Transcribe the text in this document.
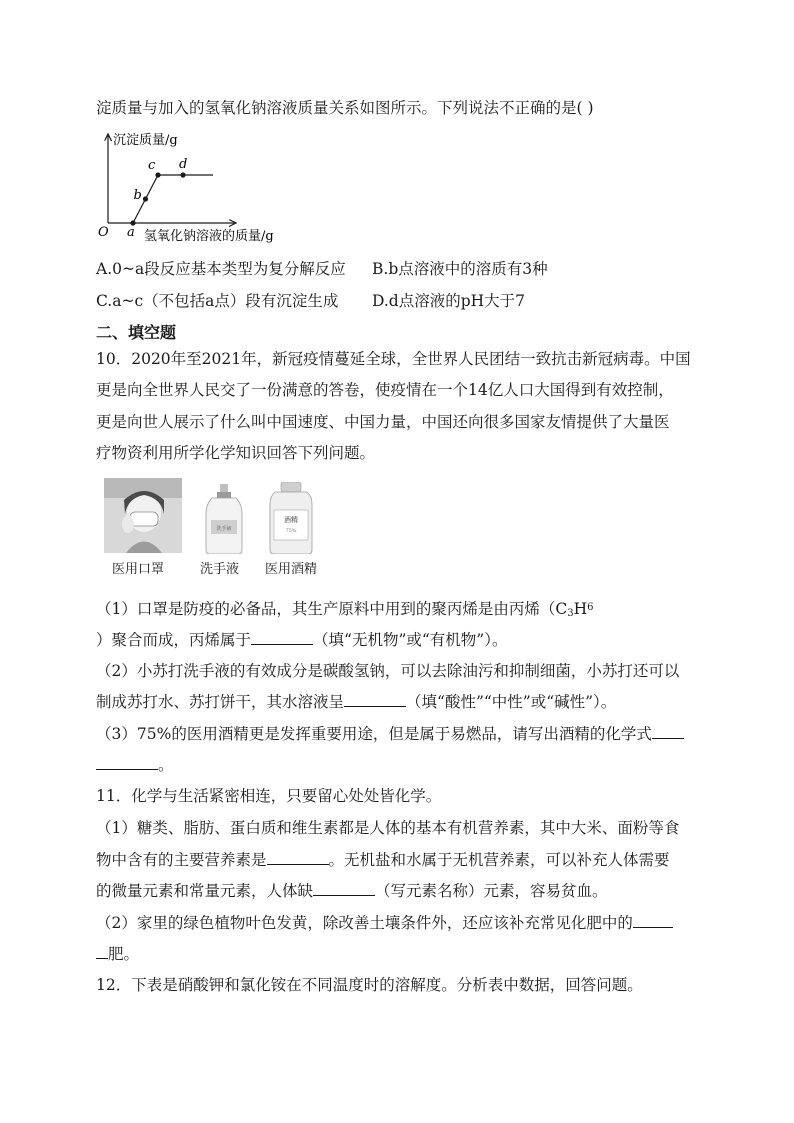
淀质量与加入的氢氧化钠溶液质量关系如图所示。下列说法不正确的是( )
沉淀质量/g
氢氧化钠溶液的质量/g
O a
b
c d
A.0~a段反应基本类型为复分解反应 B.b点溶液中的溶质有3种
C.a~c（不包括a点）段有沉淀生成 D.d点溶液的pH大于7
二、填空题
10．2020年至2021年，新冠疫情蔓延全球，全世界人民团结一致抗击新冠病毒。中国
更是向全世界人民交了一份满意的答卷，使疫情在一个14亿人口大国得到有效控制，
更是向世人展示了什么叫中国速度、中国力量，中国还向很多国家友情提供了大量医
疗物资利用所学化学知识回答下列问题。
医用口罩
洗手液
洗手液
酒精
75%
医用酒精
（1）口罩是防疫的必备品，其生产原料中用到的聚丙烯是由丙烯（$C_3H_6$
）聚合而成，丙烯属于	（填“无机物”或“有机物”）。
（2）小苏打洗手液的有效成分是碳酸氢钠，可以去除油污和抑制细菌，小苏打还可以
制成苏打水、苏打饼干，其水溶液呈	（填“酸性”“中性”或“碱性”）。
（3）75%的医用酒精更是发挥重要用途，但是属于易燃品，请写出酒精的化学式
。
11．化学与生活紧密相连，只要留心处处皆化学。
（1）糖类、脂肪、蛋白质和维生素都是人体的基本有机营养素，其中大米、面粉等食
物中含有的主要营养素是	。无机盐和水属于无机营养素，可以补充人体需要
的微量元素和常量元素，人体缺	（写元素名称）元素，容易贫血。
（2）家里的绿色植物叶色发黄，除改善土壤条件外，还应该补充常见化肥中的
肥。
12．下表是硝酸钾和氯化铵在不同温度时的溶解度。分析表中数据，回答问题。
